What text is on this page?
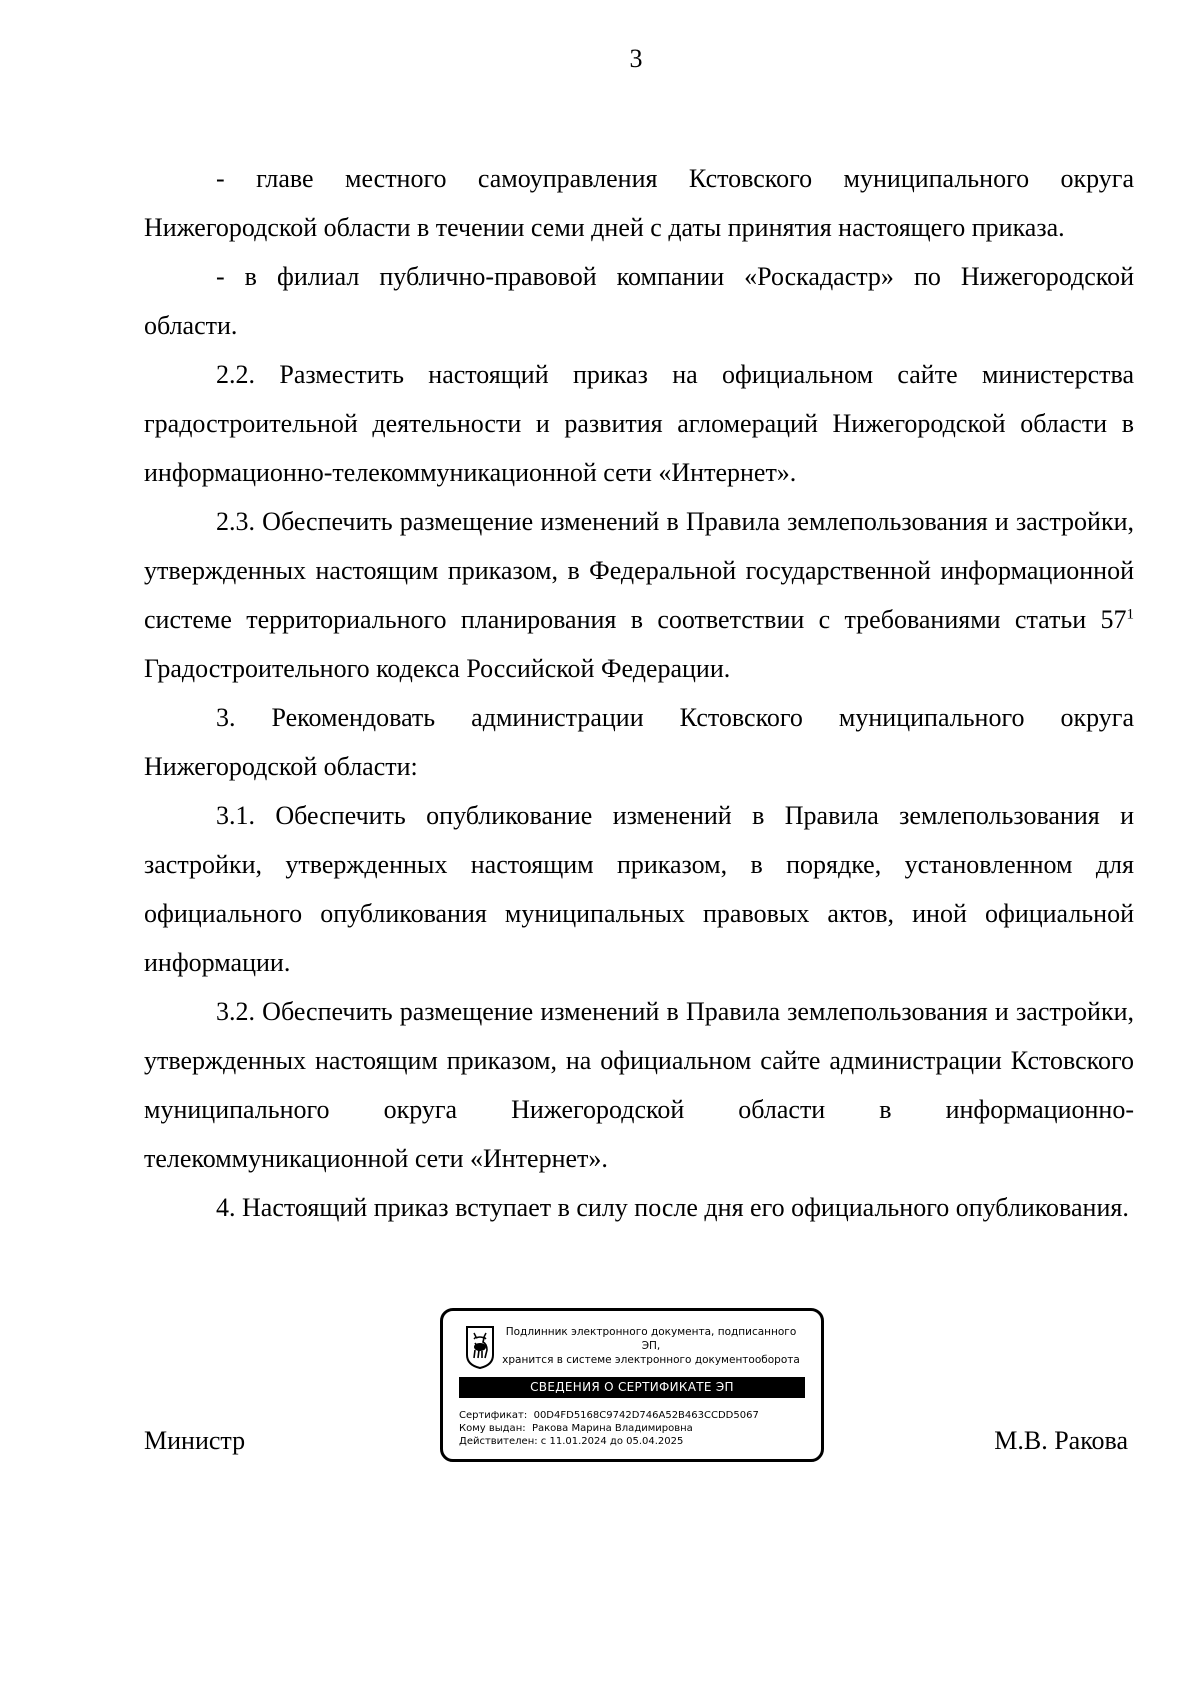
3

- главе местного самоуправления Кстовского муниципального округа Нижегородской области в течении семи дней с даты принятия настоящего приказа.

- в филиал публично-правовой компании «Роскадастр» по Нижегородской области.

2.2. Разместить настоящий приказ на официальном сайте министерства градостроительной деятельности и развития агломераций Нижегородской области в информационно-телекоммуникационной сети «Интернет».

2.3. Обеспечить размещение изменений в Правила землепользования и застройки, утвержденных настоящим приказом, в Федеральной государственной информационной системе территориального планирования в соответствии с требованиями статьи $57^1$ Градостроительного кодекса Российской Федерации.

3. Рекомендовать администрации Кстовского муниципального округа Нижегородской области:

3.1. Обеспечить опубликование изменений в Правила землепользования и застройки, утвержденных настоящим приказом, в порядке, установленном для официального опубликования муниципальных правовых актов, иной официальной информации.

3.2. Обеспечить размещение изменений в Правила землепользования и застройки, утвержденных настоящим приказом, на официальном сайте администрации Кстовского муниципального округа Нижегородской области в информационно-телекоммуникационной сети «Интернет».

4. Настоящий приказ вступает в силу после дня его официального опубликования.

Подлинник электронного документа, подписанного ЭП,
хранится в системе электронного документооборота
СВЕДЕНИЯ О СЕРТИФИКАТЕ ЭП
Сертификат: 00D4FD5168C9742D746A52B463CCDD5067
Кому выдан: Ракова Марина Владимировна
Действителен: с 11.01.2024 до 05.04.2025
Министр	М.В. Ракова
